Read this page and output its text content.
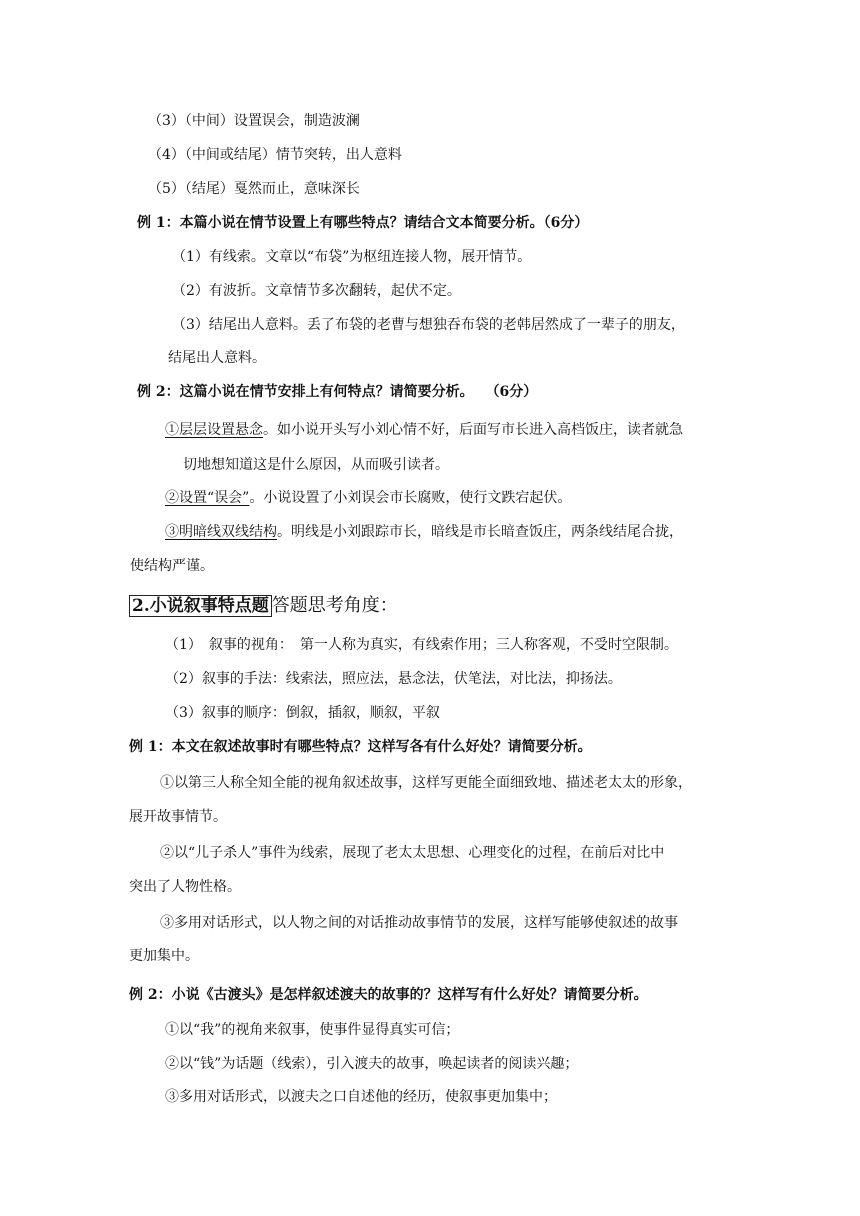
（3）（中间）设置误会，制造波澜
（4）（中间或结尾）情节突转，出人意料
（5）（结尾）戛然而止，意味深长
例 1：本篇小说在情节设置上有哪些特点？请结合文本简要分析。（6分）
（1）有线索。文章以“布袋”为枢纽连接人物，展开情节。
（2）有波折。文章情节多次翻转，起伏不定。
（3）结尾出人意料。丢了布袋的老曹与想独吞布袋的老韩居然成了一辈子的朋友，
结尾出人意料。
例 2：这篇小说在情节安排上有何特点？请简要分析。　 （6分）
①层层设置悬念。如小说开头写小刘心情不好，后面写市长进入高档饭庄，读者就急
切地想知道这是什么原因，从而吸引读者。
②设置“误会”。小说设置了小刘误会市长腐败，使行文跌宕起伏。
③明暗线双线结构。明线是小刘跟踪市长，暗线是市长暗查饭庄，两条线结尾合拢，
使结构严谨。
2.小说叙事特点题 答题思考角度：
（1）　叙事的视角：　第一人称为真实，有线索作用；三人称客观，不受时空限制。
（2）叙事的手法：线索法，照应法，悬念法，伏笔法，对比法，抑扬法。
（3）叙事的顺序：倒叙，插叙，顺叙，平叙
例 1：本文在叙述故事时有哪些特点？这样写各有什么好处？请简要分析。
①以第三人称全知全能的视角叙述故事，这样写更能全面细致地、描述老太太的形象，
展开故事情节。
②以“儿子杀人”事件为线索，展现了老太太思想、心理变化的过程，在前后对比中
突出了人物性格。
③多用对话形式，以人物之间的对话推动故事情节的发展，这样写能够使叙述的故事
更加集中。
例 2：小说《古渡头》是怎样叙述渡夫的故事的？这样写有什么好处？请简要分析。
①以“我”的视角来叙事，使事件显得真实可信；
②以“钱”为话题（线索），引入渡夫的故事，唤起读者的阅读兴趣；
③多用对话形式，以渡夫之口自述他的经历，使叙事更加集中；
